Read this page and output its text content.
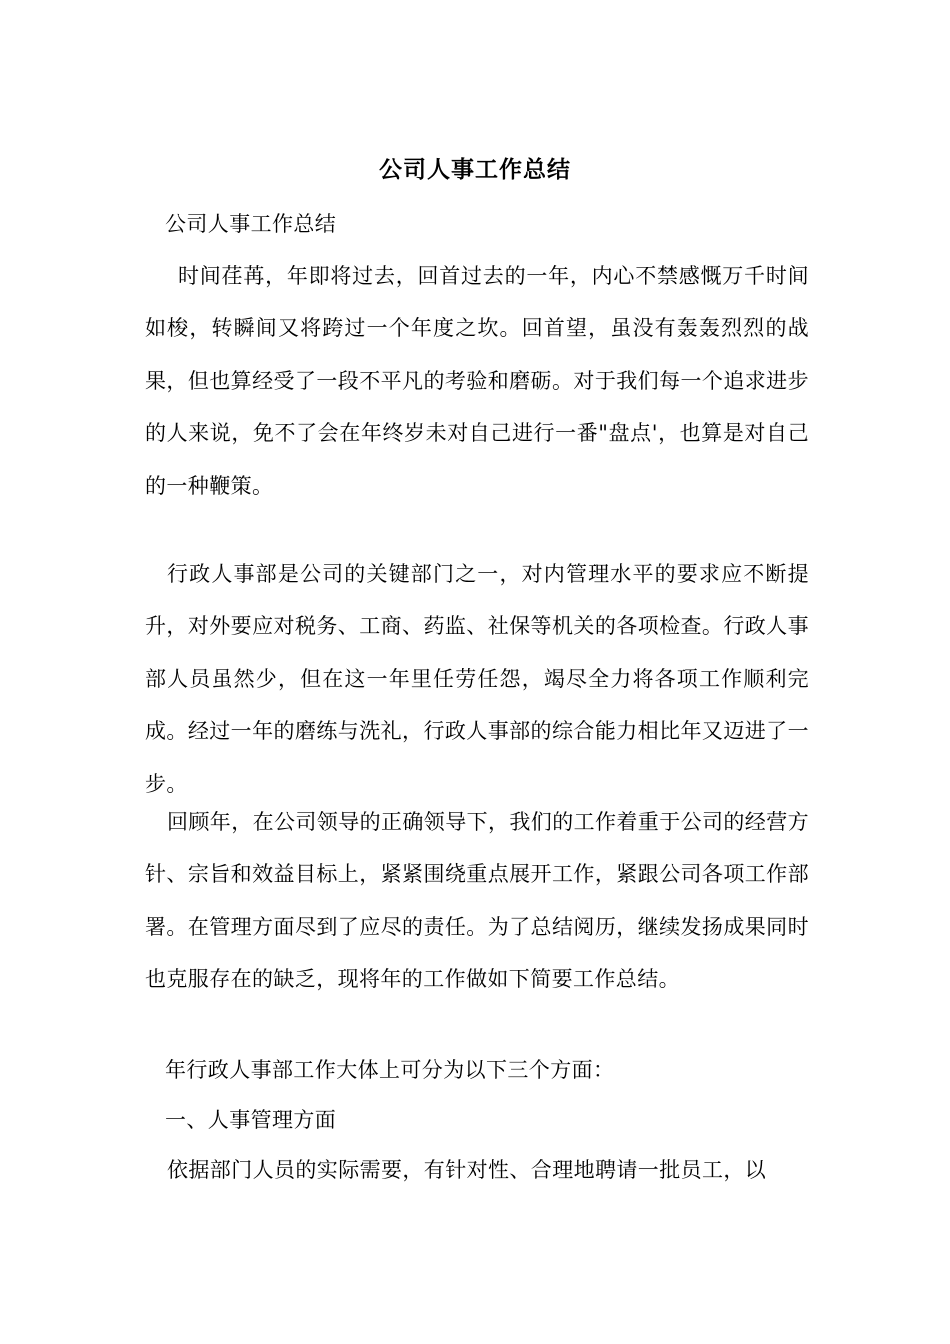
公司人事工作总结

公司人事工作总结

时间荏苒，年即将过去，回首过去的一年，内心不禁感慨万千时间如梭，转瞬间又将跨过一个年度之坎。回首望，虽没有轰轰烈烈的战果，但也算经受了一段不平凡的考验和磨砺。对于我们每一个追求进步的人来说，免不了会在年终岁未对自己进行一番"盘点'，也算是对自己的一种鞭策。

行政人事部是公司的关键部门之一，对内管理水平的要求应不断提升，对外要应对税务、工商、药监、社保等机关的各项检查。行政人事部人员虽然少，但在这一年里任劳任怨，竭尽全力将各项工作顺利完成。经过一年的磨练与洗礼，行政人事部的综合能力相比年又迈进了一步。

回顾年，在公司领导的正确领导下，我们的工作着重于公司的经营方针、宗旨和效益目标上，紧紧围绕重点展开工作，紧跟公司各项工作部署。在管理方面尽到了应尽的责任。为了总结阅历，继续发扬成果同时也克服存在的缺乏，现将年的工作做如下简要工作总结。

年行政人事部工作大体上可分为以下三个方面：

一、人事管理方面

依据部门人员的实际需要，有针对性、合理地聘请一批员工，以
